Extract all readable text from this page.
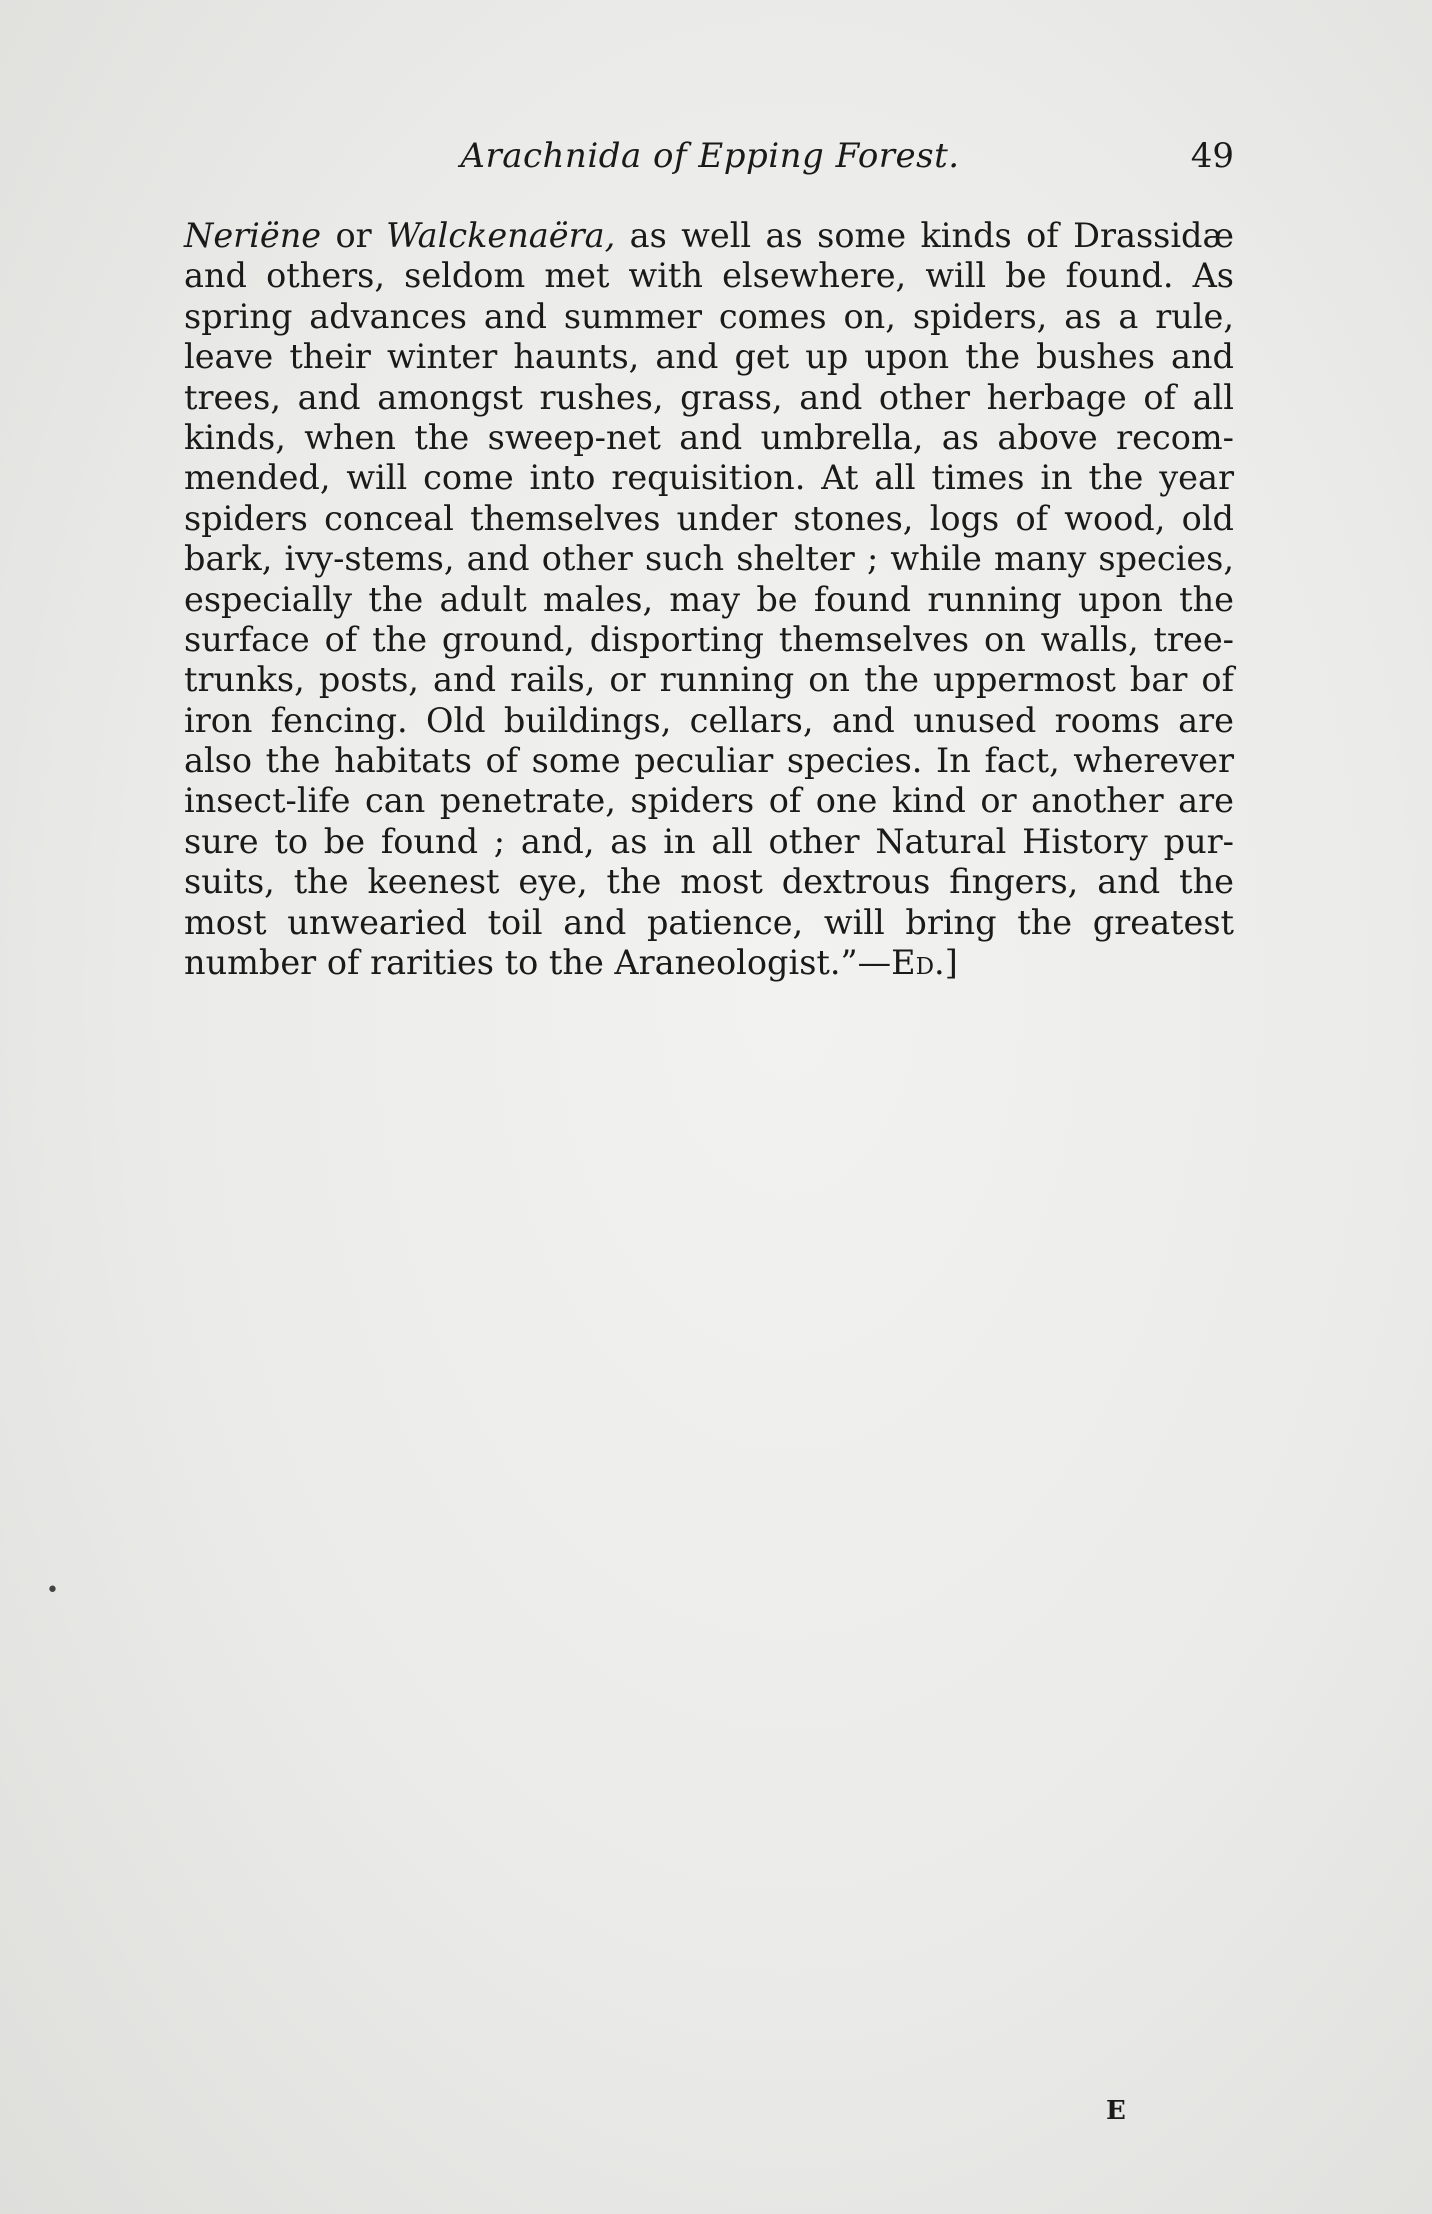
Arachnida of Epping Forest.	49

Neriëne or Walckenaëra, as well as some kinds of Drassidæ
and others, seldom met with elsewhere, will be found. As
spring advances and summer comes on, spiders, as a rule,
leave their winter haunts, and get up upon the bushes and
trees, and amongst rushes, grass, and other herbage of all
kinds, when the sweep-net and umbrella, as above recom-
mended, will come into requisition. At all times in the year
spiders conceal themselves under stones, logs of wood, old
bark, ivy-stems, and other such shelter ; while many species,
especially the adult males, may be found running upon the
surface of the ground, disporting themselves on walls, tree-
trunks, posts, and rails, or running on the uppermost bar of
iron fencing. Old buildings, cellars, and unused rooms are
also the habitats of some peculiar species. In fact, wherever
insect-life can penetrate, spiders of one kind or another are
sure to be found ; and, as in all other Natural History pur-
suits, the keenest eye, the most dextrous fingers, and the
most unwearied toil and patience, will bring the greatest
number of rarities to the Araneologist.”—Ed.]
•
E
